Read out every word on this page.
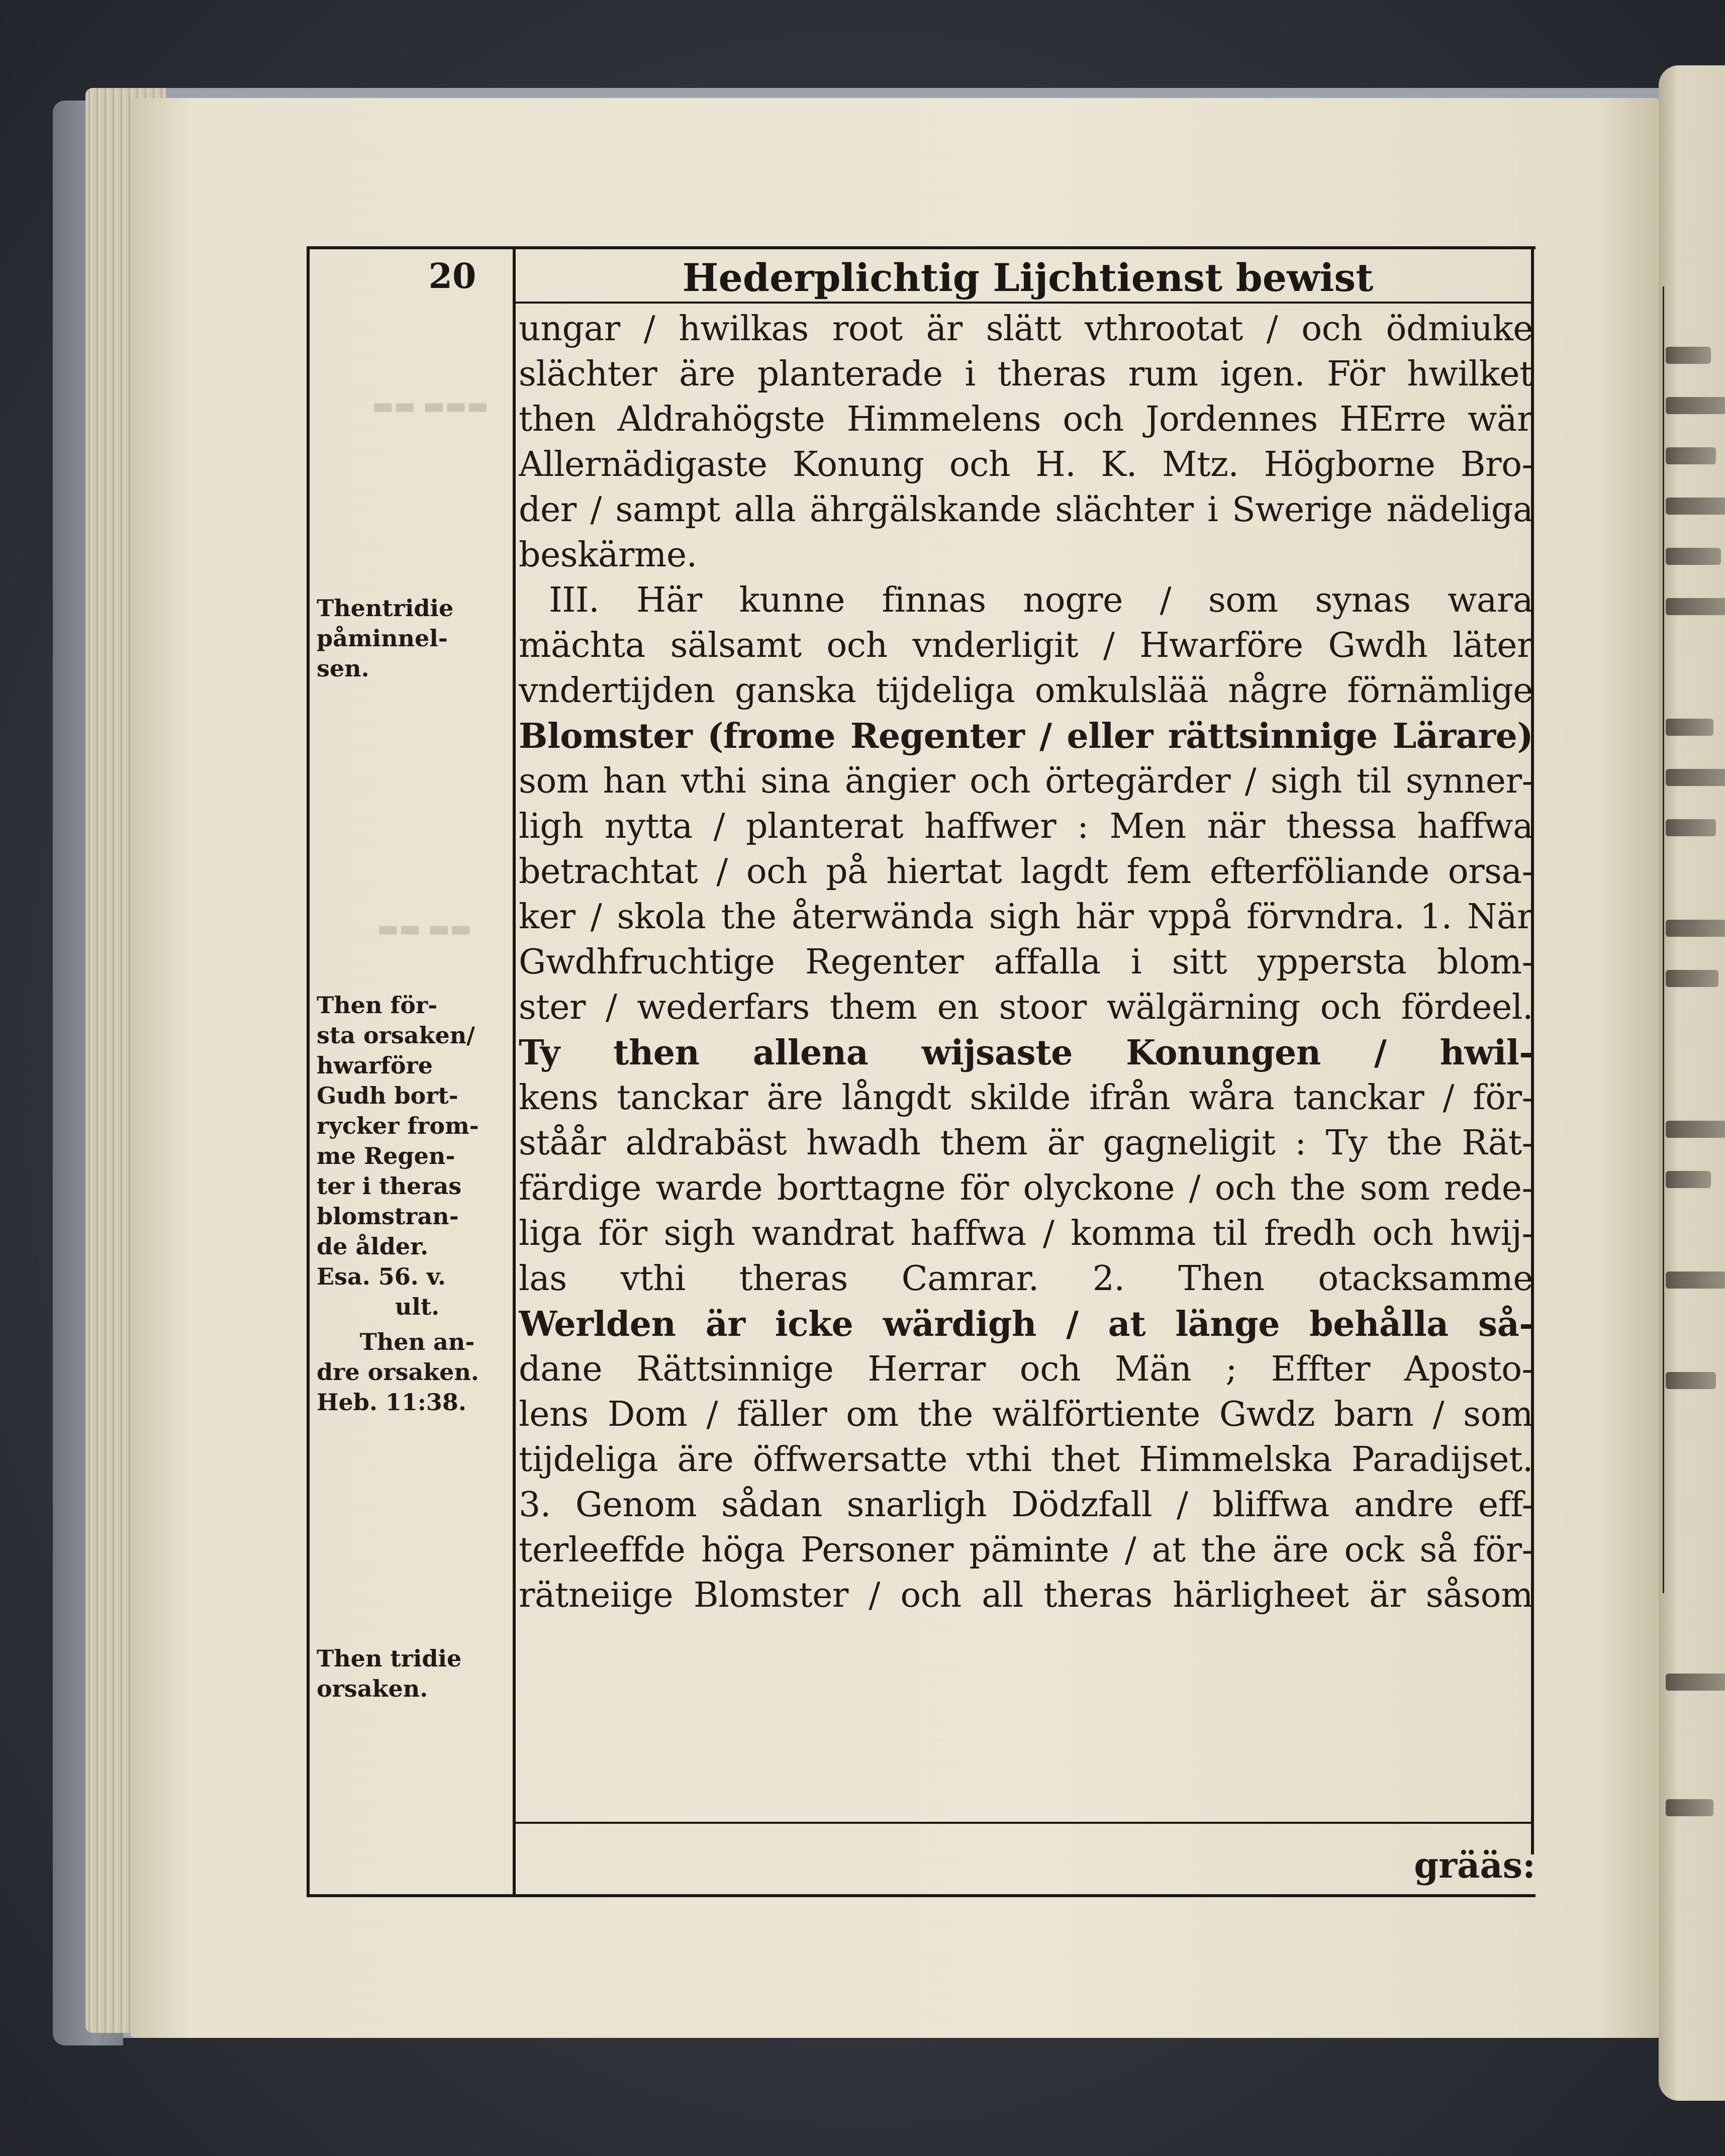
▬▬▬ ▬▬
▬▬ ▬▬
20	Hederplichtig Lijchtienst bewist
Thentridie
påminnel-
sen.
Then för-
sta orsaken/
hwarföre
Gudh bort-
rycker from-
me Regen-
ter i theras
blomstran-
de ålder.
Esa. 56. v.
ult.
Then an-
dre orsaken.
Heb. 11:38.
Then tridie
orsaken.
ungar / hwilkas root är slätt vthrootat / och ödmiuke
slächter äre planterade i theras rum igen. För hwilket
then Aldrahögste Himmelens och Jordennes HErre wär
Allernädigaste Konung och H. K. Mtz. Högborne Bro-
der / sampt alla ährgälskande slächter i Swerige nädeliga
beskärme.
III. Här kunne finnas nogre / som synas wara
mächta sälsamt och vnderligit / Hwarföre Gwdh läter
vndertijden ganska tijdeliga omkulslää någre förnämlige
Blomster (frome Regenter / eller rättsinnige Lärare)
som han vthi sina ängier och örtegärder / sigh til synner-
ligh nytta / planterat haffwer : Men när thessa haffwa
betrachtat / och på hiertat lagdt fem efterföliande orsa-
ker / skola the återwända sigh här vppå förvndra. 1. När
Gwdhfruchtige Regenter affalla i sitt yppersta blom-
ster / wederfars them en stoor wälgärning och fördeel.
Ty then allena wijsaste Konungen / hwil-
kens tanckar äre långdt skilde ifrån wåra tanckar / för-
ståår aldrabäst hwadh them är gagneligit : Ty the Rät-
färdige warde borttagne för olyckone / och the som rede-
liga för sigh wandrat haffwa / komma til fredh och hwij-
las vthi theras Camrar. 2. Then otacksamme
Werlden är icke wärdigh / at länge behålla så-
dane Rättsinnige Herrar och Män ; Effter Aposto-
lens Dom / fäller om the wälförtiente Gwdz barn / som
tijdeliga äre öffwersatte vthi thet Himmelska Paradijset.
3. Genom sådan snarligh Dödzfall / bliffwa andre eff-
terleeffde höga Personer päminte / at the äre ock så för-
rätneiige Blomster / och all theras härligheet är såsom
grääs:
